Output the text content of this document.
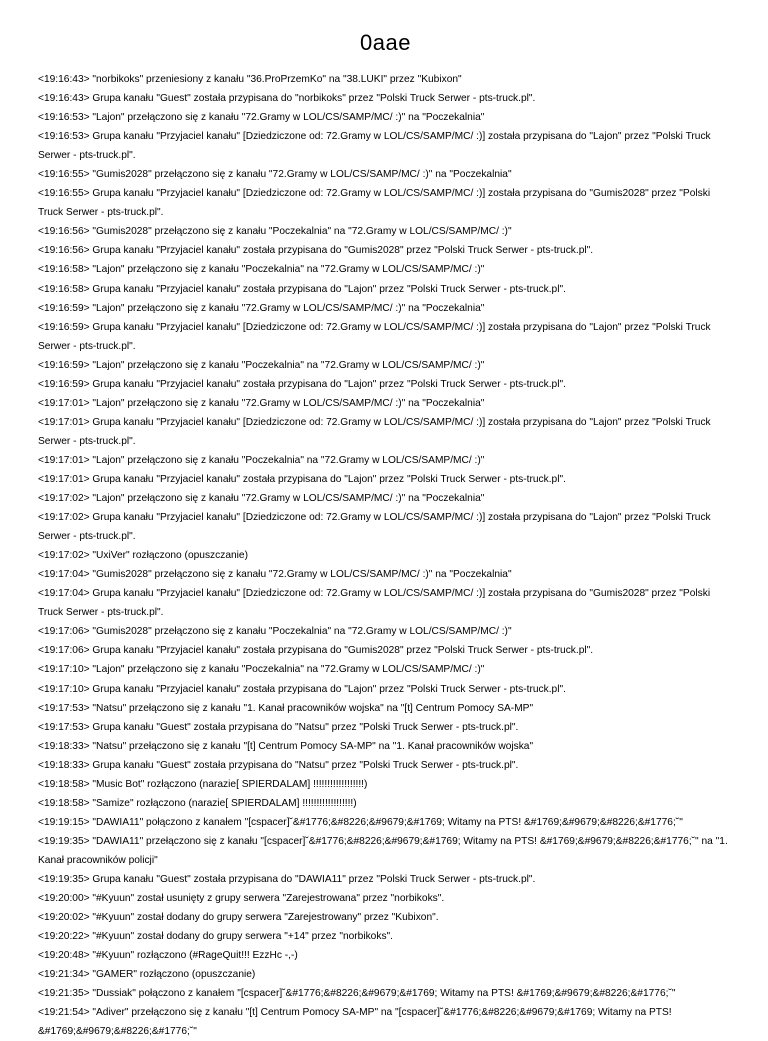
0aae

<19:16:43> "norbikoks" przeniesiony z kanału "36.ProPrzemKo" na "38.LUKI" przez "Kubixon"

<19:16:43> Grupa kanału "Guest" została przypisana do "norbikoks" przez "Polski Truck Serwer - pts-truck.pl".

<19:16:53> "Lajon" przełączono się z kanału "72.Gramy w LOL/CS/SAMP/MC/ :)" na "Poczekalnia"

<19:16:53> Grupa kanału "Przyjaciel kanału" [Dziedziczone od: 72.Gramy w LOL/CS/SAMP/MC/ :)] została przypisana do "Lajon" przez "Polski Truck Serwer - pts-truck.pl".

<19:16:55> "Gumis2028" przełączono się z kanału "72.Gramy w LOL/CS/SAMP/MC/ :)" na "Poczekalnia"

<19:16:55> Grupa kanału "Przyjaciel kanału" [Dziedziczone od: 72.Gramy w LOL/CS/SAMP/MC/ :)] została przypisana do "Gumis2028" przez "Polski Truck Serwer - pts-truck.pl".

<19:16:56> "Gumis2028" przełączono się z kanału "Poczekalnia" na "72.Gramy w LOL/CS/SAMP/MC/ :)"

<19:16:56> Grupa kanału "Przyjaciel kanału" została przypisana do "Gumis2028" przez "Polski Truck Serwer - pts-truck.pl".

<19:16:58> "Lajon" przełączono się z kanału "Poczekalnia" na "72.Gramy w LOL/CS/SAMP/MC/ :)"

<19:16:58> Grupa kanału "Przyjaciel kanału" została przypisana do "Lajon" przez "Polski Truck Serwer - pts-truck.pl".

<19:16:59> "Lajon" przełączono się z kanału "72.Gramy w LOL/CS/SAMP/MC/ :)" na "Poczekalnia"

<19:16:59> Grupa kanału "Przyjaciel kanału" [Dziedziczone od: 72.Gramy w LOL/CS/SAMP/MC/ :)] została przypisana do "Lajon" przez "Polski Truck Serwer - pts-truck.pl".

<19:16:59> "Lajon" przełączono się z kanału "Poczekalnia" na "72.Gramy w LOL/CS/SAMP/MC/ :)"

<19:16:59> Grupa kanału "Przyjaciel kanału" została przypisana do "Lajon" przez "Polski Truck Serwer - pts-truck.pl".

<19:17:01> "Lajon" przełączono się z kanału "72.Gramy w LOL/CS/SAMP/MC/ :)" na "Poczekalnia"

<19:17:01> Grupa kanału "Przyjaciel kanału" [Dziedziczone od: 72.Gramy w LOL/CS/SAMP/MC/ :)] została przypisana do "Lajon" przez "Polski Truck Serwer - pts-truck.pl".

<19:17:01> "Lajon" przełączono się z kanału "Poczekalnia" na "72.Gramy w LOL/CS/SAMP/MC/ :)"

<19:17:01> Grupa kanału "Przyjaciel kanału" została przypisana do "Lajon" przez "Polski Truck Serwer - pts-truck.pl".

<19:17:02> "Lajon" przełączono się z kanału "72.Gramy w LOL/CS/SAMP/MC/ :)" na "Poczekalnia"

<19:17:02> Grupa kanału "Przyjaciel kanału" [Dziedziczone od: 72.Gramy w LOL/CS/SAMP/MC/ :)] została przypisana do "Lajon" przez "Polski Truck Serwer - pts-truck.pl".

<19:17:02> "UxiVer" rozłączono (opuszczanie)

<19:17:04> "Gumis2028" przełączono się z kanału "72.Gramy w LOL/CS/SAMP/MC/ :)" na "Poczekalnia"

<19:17:04> Grupa kanału "Przyjaciel kanału" [Dziedziczone od: 72.Gramy w LOL/CS/SAMP/MC/ :)] została przypisana do "Gumis2028" przez "Polski Truck Serwer - pts-truck.pl".

<19:17:06> "Gumis2028" przełączono się z kanału "Poczekalnia" na "72.Gramy w LOL/CS/SAMP/MC/ :)"

<19:17:06> Grupa kanału "Przyjaciel kanału" została przypisana do "Gumis2028" przez "Polski Truck Serwer - pts-truck.pl".

<19:17:10> "Lajon" przełączono się z kanału "Poczekalnia" na "72.Gramy w LOL/CS/SAMP/MC/ :)"

<19:17:10> Grupa kanału "Przyjaciel kanału" została przypisana do "Lajon" przez "Polski Truck Serwer - pts-truck.pl".

<19:17:53> "Natsu" przełączono się z kanału "1. Kanał pracowników wojska" na "[t] Centrum Pomocy SA-MP"

<19:17:53> Grupa kanału "Guest" została przypisana do "Natsu" przez "Polski Truck Serwer - pts-truck.pl".

<19:18:33> "Natsu" przełączono się z kanału "[t] Centrum Pomocy SA-MP" na "1. Kanał pracowników wojska"

<19:18:33> Grupa kanału "Guest" została przypisana do "Natsu" przez "Polski Truck Serwer - pts-truck.pl".

<19:18:58> "Music Bot" rozłączono (narazie[ SPIERDALAM] !!!!!!!!!!!!!!!!!!)

<19:18:58> "Samize" rozłączono (narazie[ SPIERDALAM] !!!!!!!!!!!!!!!!!!)

<19:19:15> "DAWIA11" połączono z kanałem "[cspacer]˘&#1776;&#8226;&#9679;&#1769; Witamy na PTS! &#1769;&#9679;&#8226;&#1776;˘"

<19:19:35> "DAWIA11" przełączono się z kanału "[cspacer]˘&#1776;&#8226;&#9679;&#1769; Witamy na PTS! &#1769;&#9679;&#8226;&#1776;˘" na "1. Kanał pracowników policji"

<19:19:35> Grupa kanału "Guest" została przypisana do "DAWIA11" przez "Polski Truck Serwer - pts-truck.pl".

<19:20:00> "#Kyuun" został usunięty z grupy serwera "Zarejestrowana" przez "norbikoks".

<19:20:02> "#Kyuun" został dodany do grupy serwera "Zarejestrowany" przez "Kubixon".

<19:20:22> "#Kyuun" został dodany do grupy serwera "+14" przez "norbikoks".

<19:20:48> "#Kyuun" rozłączono (#RageQuit!!! EzzHc -,-)

<19:21:34> "GAMER" rozłączono (opuszczanie)

<19:21:35> "Dussiak" połączono z kanałem "[cspacer]˘&#1776;&#8226;&#9679;&#1769; Witamy na PTS! &#1769;&#9679;&#8226;&#1776;˘"

<19:21:54> "Adiver" przełączono się z kanału "[t] Centrum Pomocy SA-MP" na "[cspacer]˘&#1776;&#8226;&#9679;&#1769; Witamy na PTS! &#1769;&#9679;&#8226;&#1776;˘"
